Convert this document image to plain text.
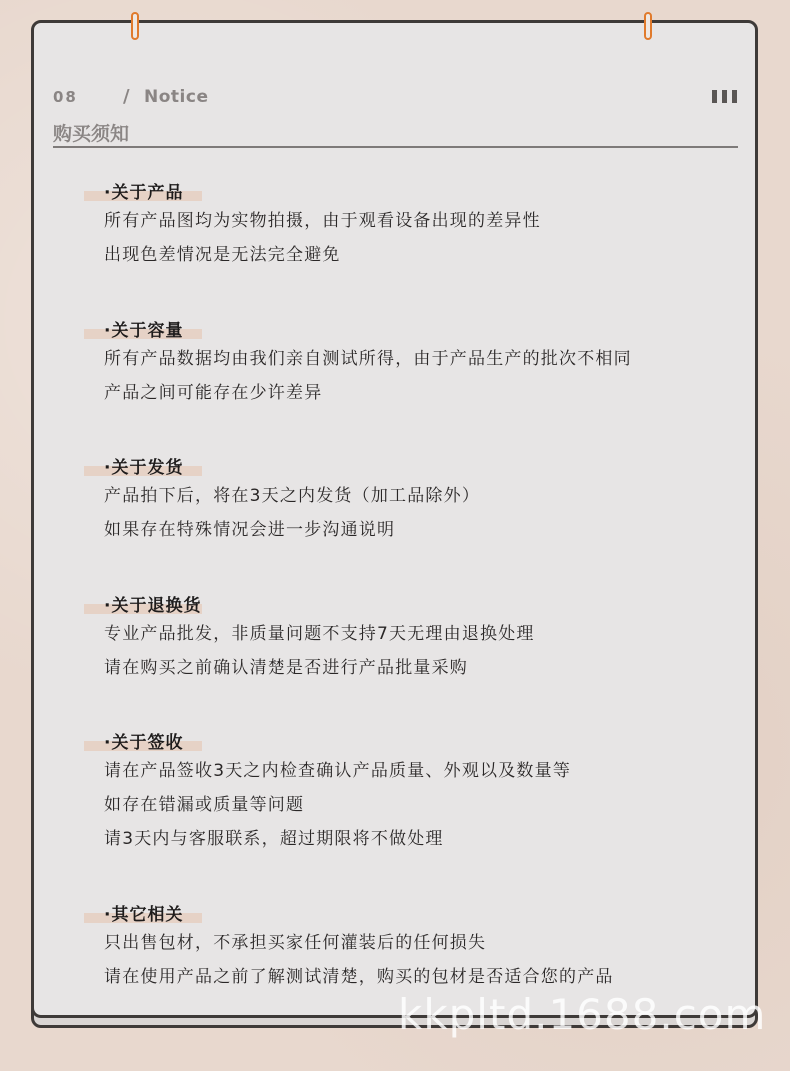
08	/ Notice
购买须知
·关于产品
所有产品图均为实物拍摄，由于观看设备出现的差异性
出现色差情况是无法完全避免
·关于容量
所有产品数据均由我们亲自测试所得，由于产品生产的批次不相同
产品之间可能存在少许差异
·关于发货
产品拍下后，将在3天之内发货（加工品除外）
如果存在特殊情况会进一步沟通说明
·关于退换货
专业产品批发，非质量问题不支持7天无理由退换处理
请在购买之前确认清楚是否进行产品批量采购
·关于签收
请在产品签收3天之内检查确认产品质量、外观以及数量等
如存在错漏或质量等问题
请3天内与客服联系，超过期限将不做处理
·其它相关
只出售包材，不承担买家任何灌装后的任何损失
请在使用产品之前了解测试清楚，购买的包材是否适合您的产品
kkpltd.1688.com
